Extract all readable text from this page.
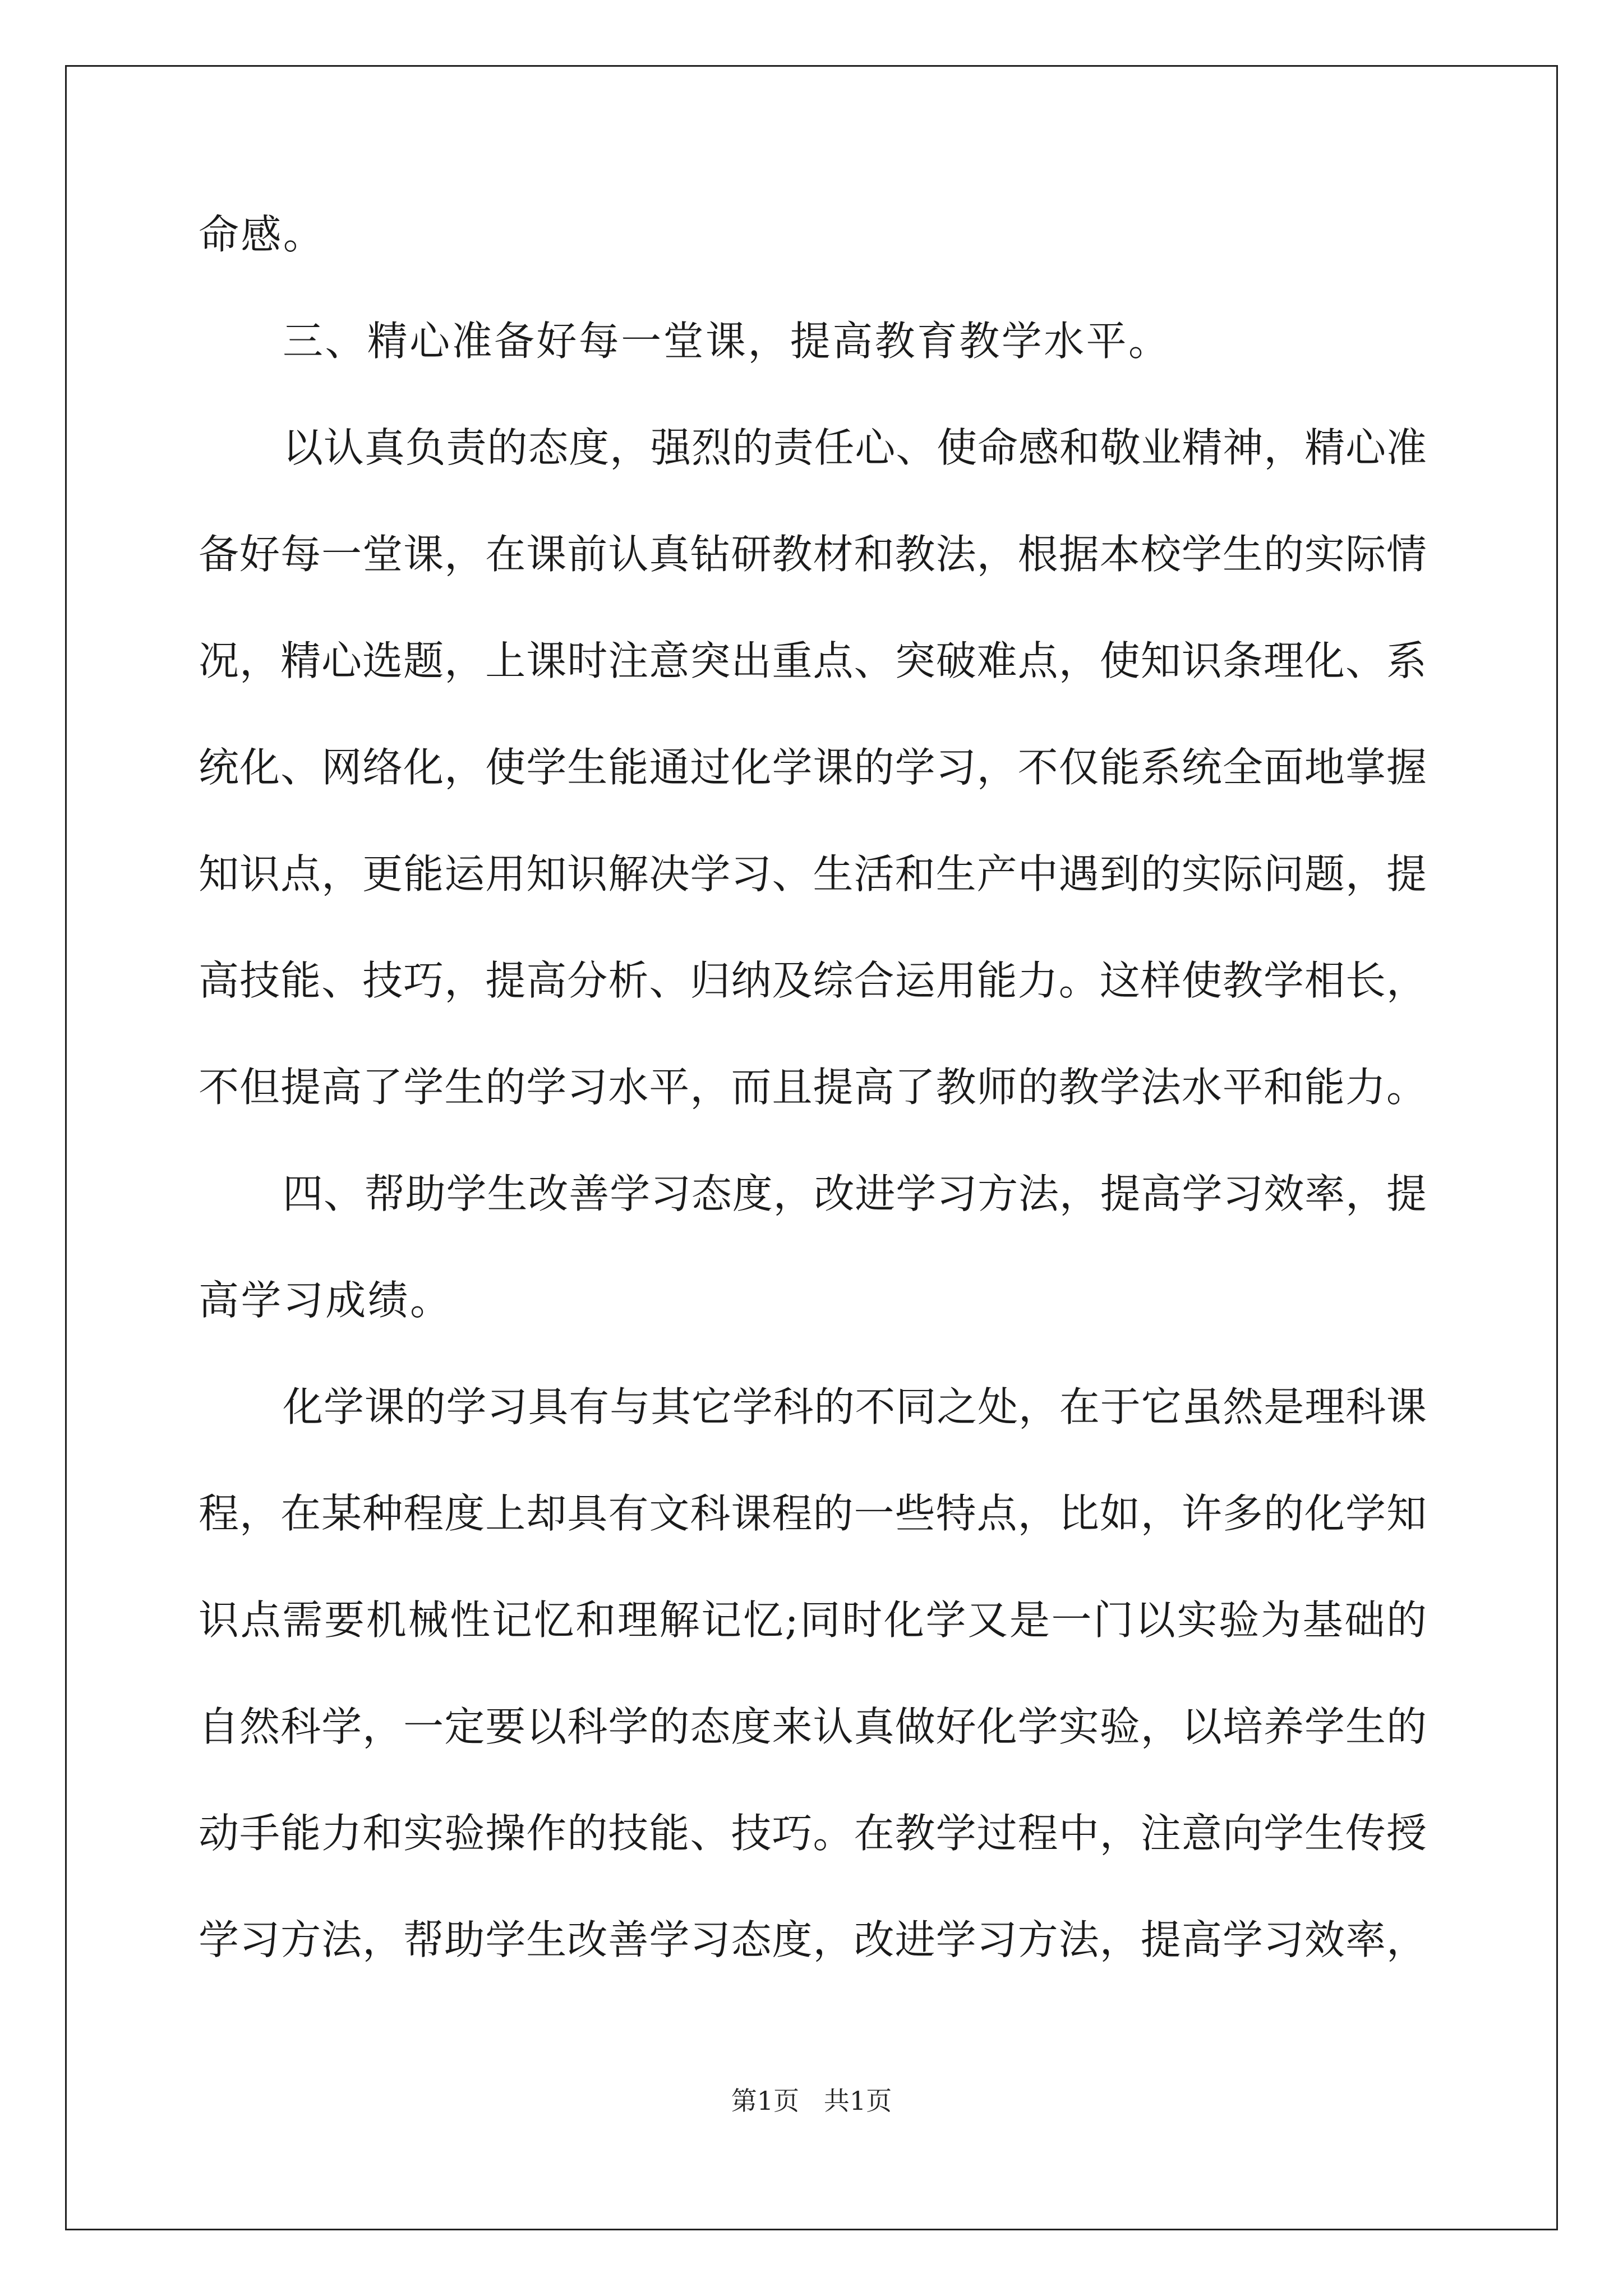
命感。
三、精心准备好每一堂课，提高教育教学水平。
以认真负责的态度，强烈的责任心、使命感和敬业精神，精心准
备好每一堂课，在课前认真钻研教材和教法，根据本校学生的实际情
况，精心选题，上课时注意突出重点、突破难点，使知识条理化、系
统化、网络化，使学生能通过化学课的学习，不仅能系统全面地掌握
知识点，更能运用知识解决学习、生活和生产中遇到的实际问题，提
高技能、技巧，提高分析、归纳及综合运用能力。这样使教学相长，
不但提高了学生的学习水平，而且提高了教师的教学法水平和能力。
四、帮助学生改善学习态度，改进学习方法，提高学习效率，提
高学习成绩。
化学课的学习具有与其它学科的不同之处，在于它虽然是理科课
程，在某种程度上却具有文科课程的一些特点，比如，许多的化学知
识点需要机械性记忆和理解记忆;同时化学又是一门以实验为基础的
自然科学，一定要以科学的态度来认真做好化学实验，以培养学生的
动手能力和实验操作的技能、技巧。在教学过程中，注意向学生传授
学习方法，帮助学生改善学习态度，改进学习方法，提高学习效率，
第1页   共1页
